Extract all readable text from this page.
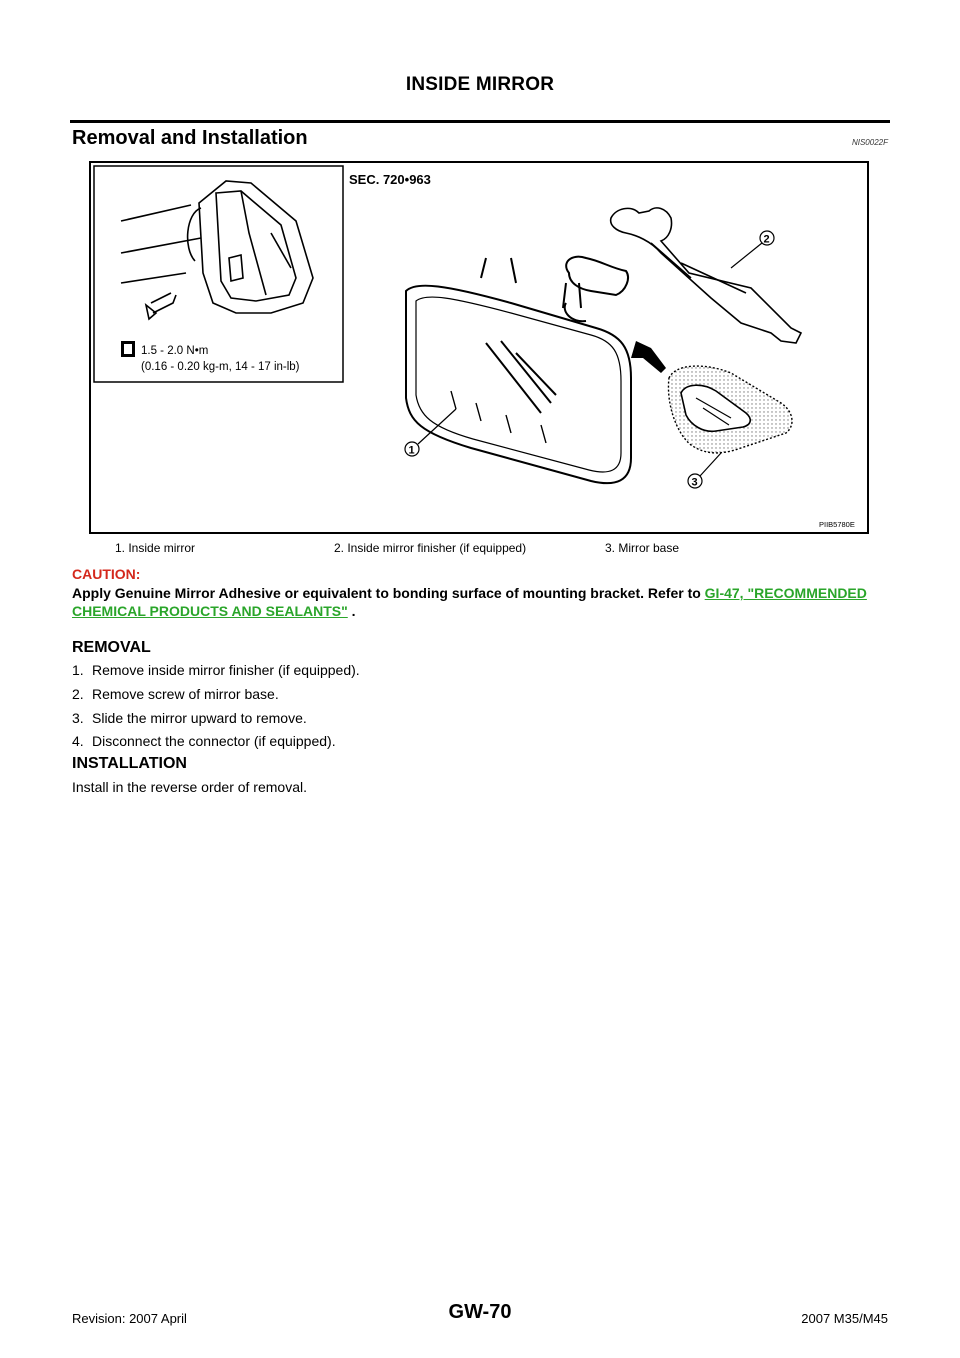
INSIDE MIRROR
Removal and Installation	NIS0022F
1.5 - 2.0 N•m
(0.16 - 0.20 kg-m, 14 - 17 in-lb)
SEC. 720•963
1
2
3
PIIB5780E
1. Inside mirror	2. Inside mirror finisher (if equipped)	3. Mirror base
CAUTION:
Apply Genuine Mirror Adhesive or equivalent to bonding surface of mounting bracket. Refer to GI-47, "RECOMMENDED CHEMICAL PRODUCTS AND SEALANTS" .
REMOVAL
1. Remove inside mirror finisher (if equipped).
2. Remove screw of mirror base.
3. Slide the mirror upward to remove.
4. Disconnect the connector (if equipped).
INSTALLATION
Install in the reverse order of removal.
Revision: 2007 April	GW-70	2007 M35/M45
